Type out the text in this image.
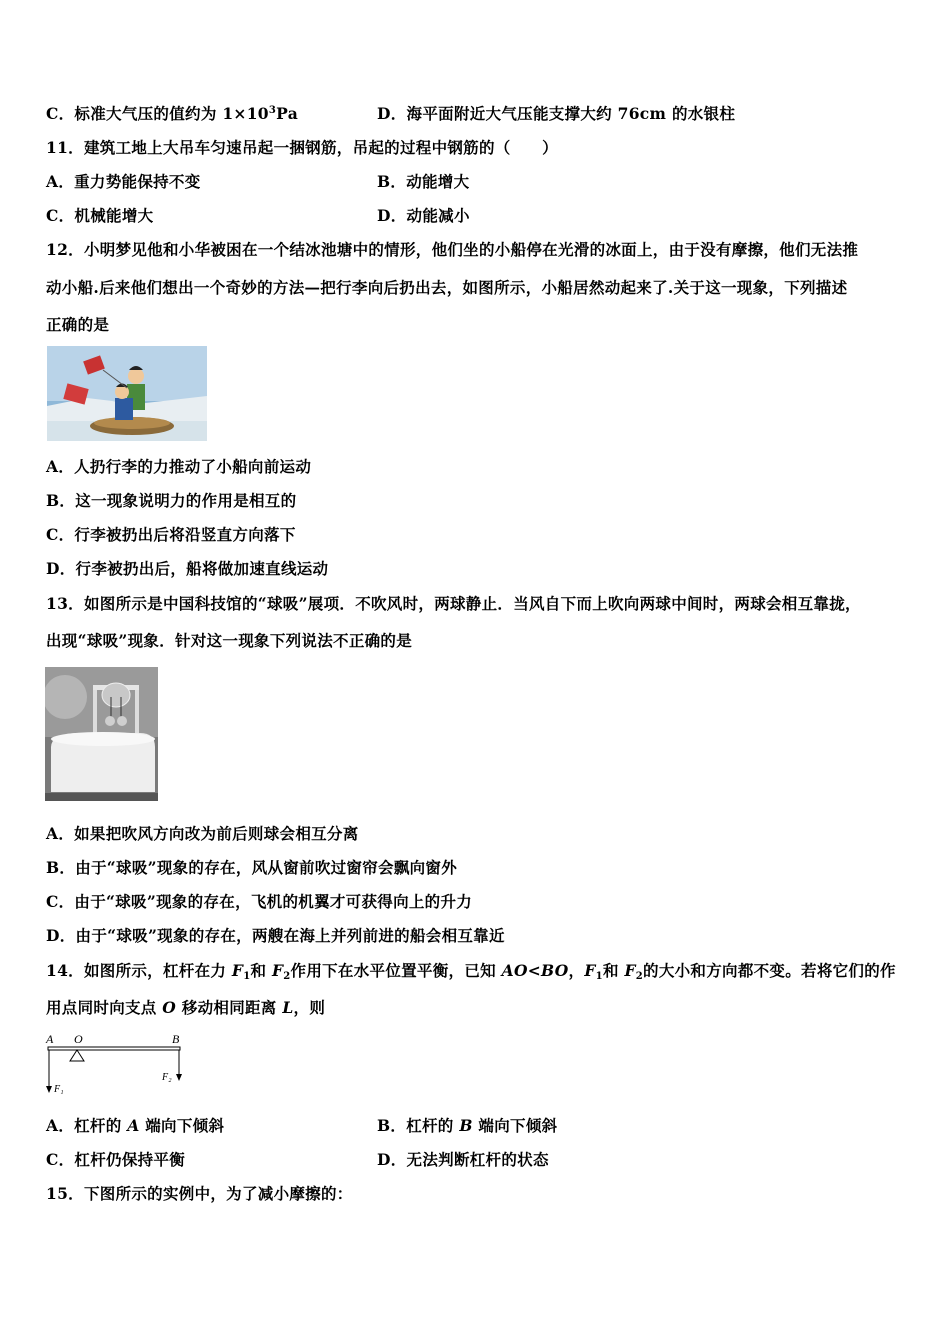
C．标准大气压的值约为 $1\times 10^3Pa$	D．海平面附近大气压能支撑大约 76cm 的水银柱
11．建筑工地上大吊车匀速吊起一捆钢筋，吊起的过程中钢筋的（　　）
A．重力势能保持不变	B．动能增大
C．机械能增大	D．动能减小
12．小明梦见他和小华被困在一个结冰池塘中的情形，他们坐的小船停在光滑的冰面上，由于没有摩擦，他们无法推
动小船.后来他们想出一个奇妙的方法—把行李向后扔出去，如图所示，小船居然动起来了.关于这一现象，下列描述
正确的是
A．人扔行李的力推动了小船向前运动
B．这一现象说明力的作用是相互的
C．行李被扔出后将沿竖直方向落下
D．行李被扔出后，船将做加速直线运动
13．如图所示是中国科技馆的“球吸”展项．不吹风时，两球静止．当风自下而上吹向两球中间时，两球会相互靠拢，
出现“球吸”现象．针对这一现象下列说法不正确的是
A．如果把吹风方向改为前后则球会相互分离
B．由于“球吸”现象的存在，风从窗前吹过窗帘会飘向窗外
C．由于“球吸”现象的存在，飞机的机翼才可获得向上的升力
D．由于“球吸”现象的存在，两艘在海上并列前进的船会相互靠近
14．如图所示，杠杆在力 $F_1$和 $F_2$作用下在水平位置平衡，已知 AO<BO，$F_1$和 $F_2$的大小和方向都不变。若将它们的作
用点同时向支点 O 移动相同距离 L，则
A O	B
F₁
F₂
A．杠杆的 A 端向下倾斜	B．杠杆的 B 端向下倾斜
C．杠杆仍保持平衡	D．无法判断杠杆的状态
15．下图所示的实例中，为了减小摩擦的：
